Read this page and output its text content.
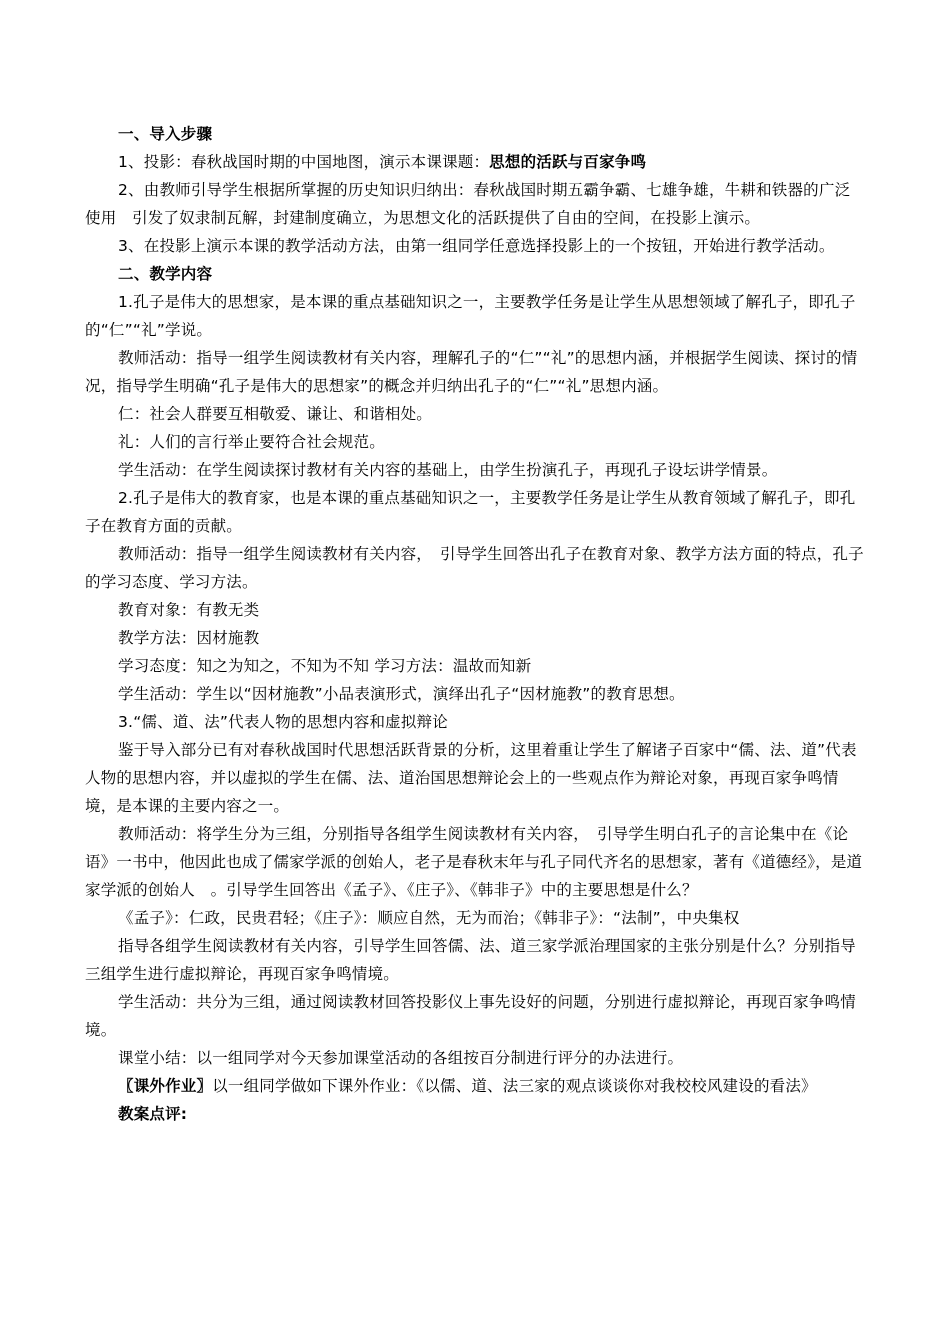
一、导入步骤

1、投影：春秋战国时期的中国地图，演示本课课题：思想的活跃与百家争鸣

2、由教师引导学生根据所掌握的历史知识归纳出：春秋战国时期五霸争霸、七雄争雄，牛耕和铁器的广泛使用　引发了奴隶制瓦解，封建制度确立，为思想文化的活跃提供了自由的空间，在投影上演示。

3、在投影上演示本课的教学活动方法，由第一组同学任意选择投影上的一个按钮，开始进行教学活动。

二、教学内容

1.孔子是伟大的思想家，是本课的重点基础知识之一，主要教学任务是让学生从思想领域了解孔子，即孔子的“仁”“礼”学说。

教师活动：指导一组学生阅读教材有关内容，理解孔子的“仁”“礼”的思想内涵，并根据学生阅读、探讨的情况，指导学生明确“孔子是伟大的思想家”的概念并归纳出孔子的“仁”“礼”思想内涵。

仁：社会人群要互相敬爱、谦让、和谐相处。

礼：人们的言行举止要符合社会规范。

学生活动：在学生阅读探讨教材有关内容的基础上，由学生扮演孔子，再现孔子设坛讲学情景。

2.孔子是伟大的教育家，也是本课的重点基础知识之一，主要教学任务是让学生从教育领域了解孔子，即孔子在教育方面的贡献。

教师活动：指导一组学生阅读教材有关内容，　引导学生回答出孔子在教育对象、教学方法方面的特点，孔子的学习态度、学习方法。

教育对象：有教无类

教学方法：因材施教

学习态度：知之为知之，不知为不知 学习方法：温故而知新

学生活动：学生以“因材施教”小品表演形式，演绎出孔子“因材施教”的教育思想。

3.“儒、道、法”代表人物的思想内容和虚拟辩论

鉴于导入部分已有对春秋战国时代思想活跃背景的分析，这里着重让学生了解诸子百家中“儒、法、道”代表人物的思想内容，并以虚拟的学生在儒、法、道治国思想辩论会上的一些观点作为辩论对象，再现百家争鸣情境，是本课的主要内容之一。

教师活动：将学生分为三组，分别指导各组学生阅读教材有关内容，　引导学生明白孔子的言论集中在《论语》一书中，他因此也成了儒家学派的创始人，老子是春秋末年与孔子同代齐名的思想家，著有《道德经》，是道家学派的创始人　。引导学生回答出《孟子》、《庄子》、《韩非子》中的主要思想是什么？

《孟子》：仁政，民贵君轻；《庄子》：顺应自然，无为而治；《韩非子》：“法制”，中央集权

指导各组学生阅读教材有关内容，引导学生回答儒、法、道三家学派治理国家的主张分别是什么？分别指导三组学生进行虚拟辩论，再现百家争鸣情境。

学生活动：共分为三组，通过阅读教材回答投影仪上事先设好的问题，分别进行虚拟辩论，再现百家争鸣情境。

课堂小结：以一组同学对今天参加课堂活动的各组按百分制进行评分的办法进行。

〖课外作业〗以一组同学做如下课外作业：《以儒、道、法三家的观点谈谈你对我校校风建设的看法》

教案点评:
